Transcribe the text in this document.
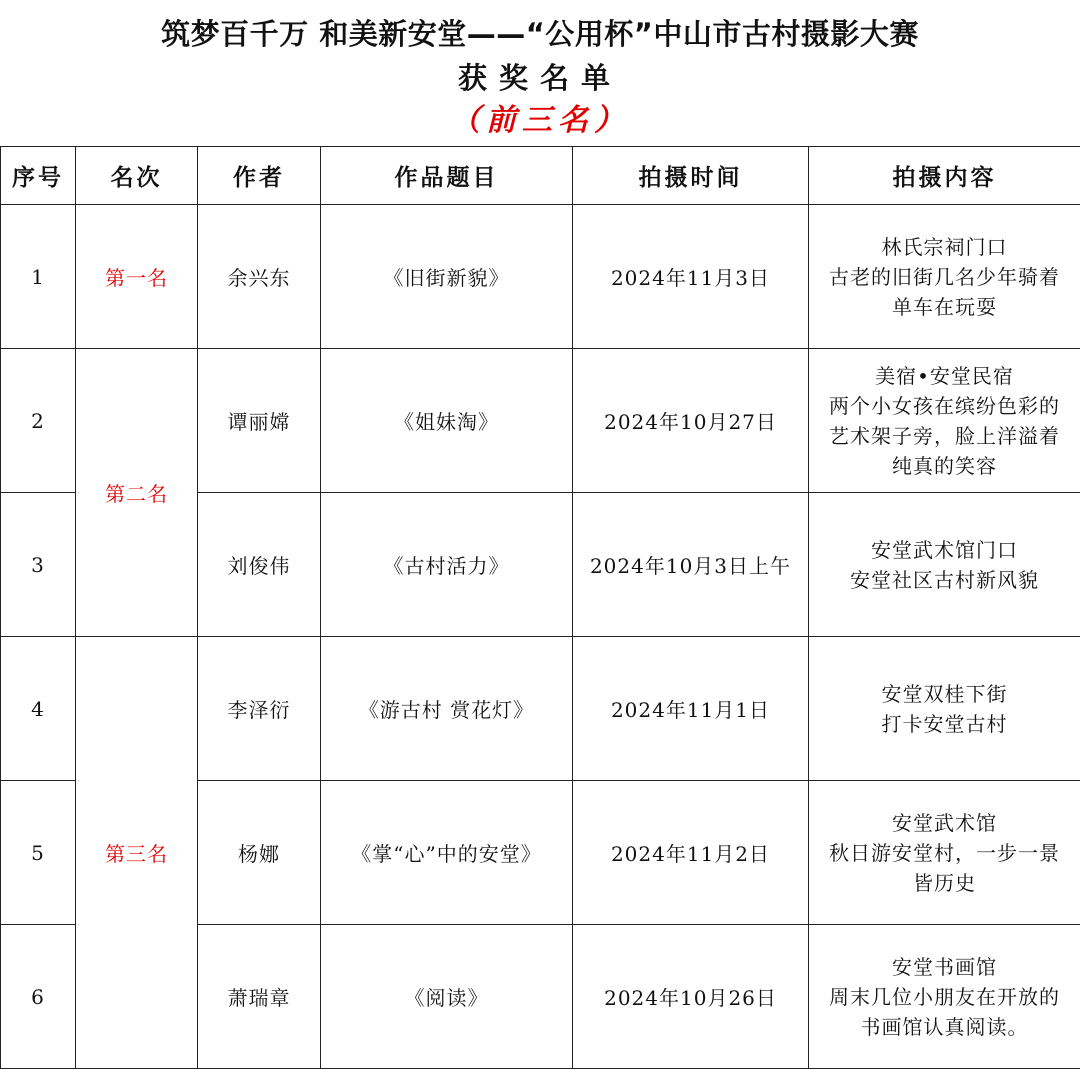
筑梦百千万 和美新安堂——“公用杯”中山市古村摄影大赛
获奖名单
（前三名）
序号	名次	作者	作品题目	拍摄时间	拍摄内容
1	第一名	余兴东	《旧街新貌》	2024年11月3日	林氏宗祠门口
古老的旧街几名少年骑着
单车在玩耍

2	第二名	谭丽嫦	《姐妹淘》	2024年10月27日	美宿•安堂民宿
两个小女孩在缤纷色彩的
艺术架子旁，脸上洋溢着
纯真的笑容

3		刘俊伟	《古村活力》	2024年10月3日上午	安堂武术馆门口
安堂社区古村新风貌

4	第三名	李泽衍	《游古村 赏花灯》	2024年11月1日	安堂双桂下街
打卡安堂古村

5		杨娜	《掌“心”中的安堂》	2024年11月2日	安堂武术馆
秋日游安堂村，一步一景
皆历史

6		萧瑞章	《阅读》	2024年10月26日	安堂书画馆
周末几位小朋友在开放的
书画馆认真阅读。
